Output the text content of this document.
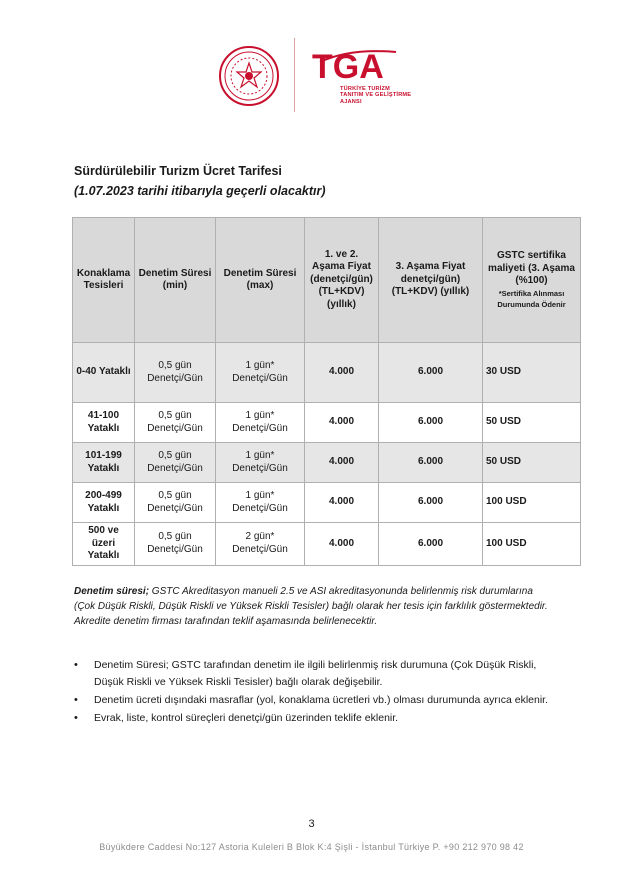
TGA
TÜRKİYE TURİZM
TANITIM VE GELİŞTİRME
AJANSI
Sürdürülebilir Turizm Ücret Tarifesi
(1.07.2023 tarihi itibarıyla geçerli olacaktır)
Konaklama Tesisleri	Denetim Süresi (min)	Denetim Süresi (max)	1. ve 2. Aşama Fiyat (denetçi/gün) (TL+KDV) (yıllık)	3. Aşama Fiyat denetçi/gün) (TL+KDV) (yıllık)	GSTC sertifika maliyeti (3. Aşama (%100)
*Sertifika Alınması Durumunda Ödenir

0-40 Yataklı	0,5 gün Denetçi/Gün	1 gün* Denetçi/Gün	4.000	6.000	30 USD
41-100 Yataklı	0,5 gün Denetçi/Gün	1 gün* Denetçi/Gün	4.000	6.000	50 USD
101-199 Yataklı	0,5 gün Denetçi/Gün	1 gün* Denetçi/Gün	4.000	6.000	50 USD
200-499 Yataklı	0,5 gün Denetçi/Gün	1 gün* Denetçi/Gün	4.000	6.000	100 USD
500 ve üzeri Yataklı	0,5 gün Denetçi/Gün	2 gün* Denetçi/Gün	4.000	6.000	100 USD
Denetim süresi; GSTC Akreditasyon manueli 2.5 ve ASI akreditasyonunda belirlenmiş risk durumlarına (Çok Düşük Riskli, Düşük Riskli ve Yüksek Riskli Tesisler) bağlı olarak her tesis için farklılık göstermektedir. Akredite denetim firması tarafından teklif aşamasında belirlenecektir.
• Denetim Süresi; GSTC tarafından denetim ile ilgili belirlenmiş risk durumuna (Çok Düşük Riskli, Düşük Riskli ve Yüksek Riskli Tesisler) bağlı olarak değişebilir.
• Denetim ücreti dışındaki masraflar (yol, konaklama ücretleri vb.) olması durumunda ayrıca eklenir.
• Evrak, liste, kontrol süreçleri denetçi/gün üzerinden teklife eklenir.
3
Büyükdere Caddesi No:127 Astoria Kuleleri B Blok K:4 Şişli - İstanbul Türkiye P. +90 212 970 98 42
